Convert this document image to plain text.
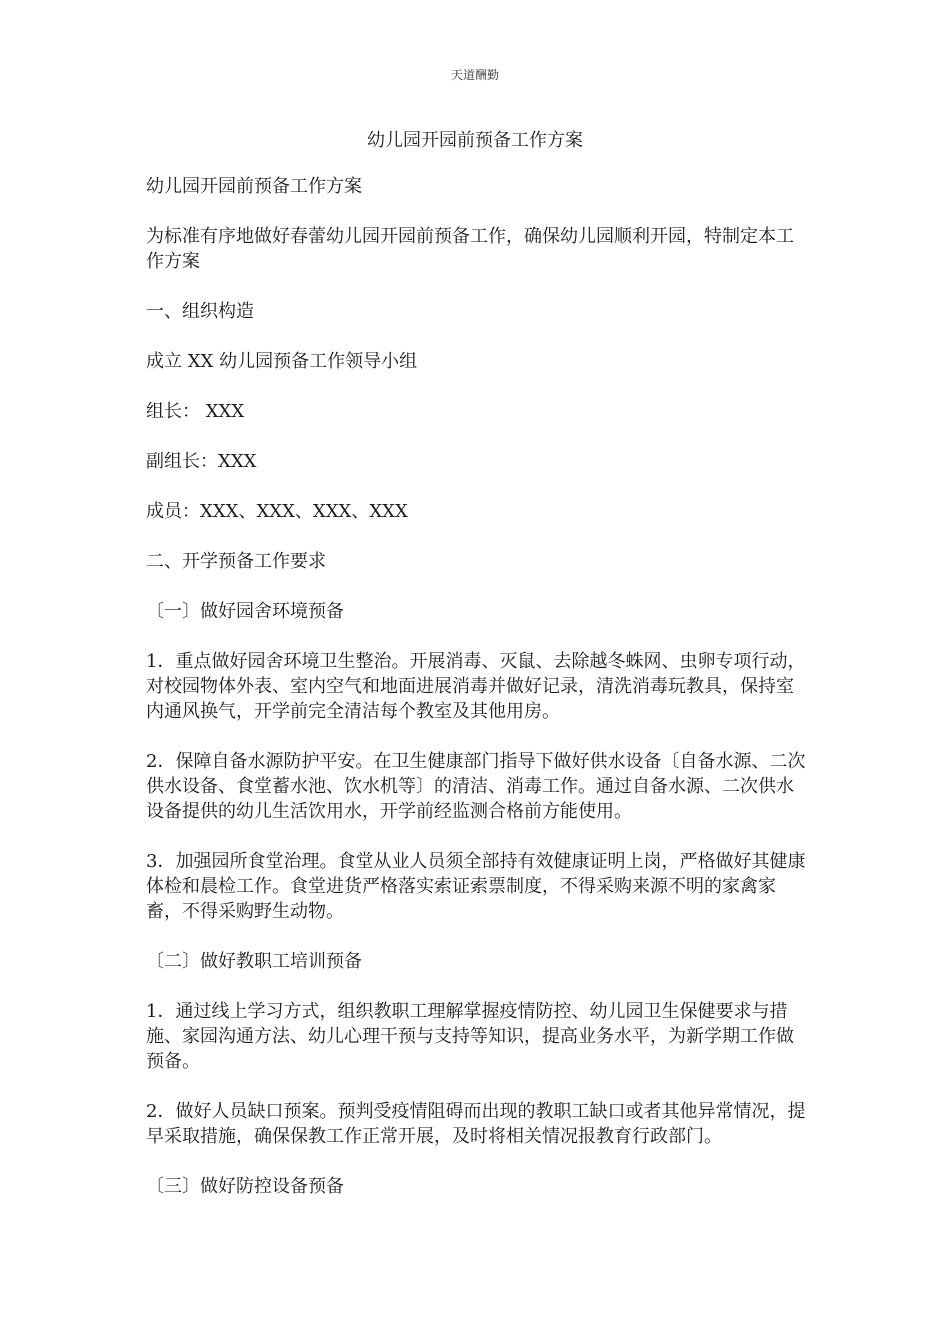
天道酬勤
幼儿园开园前预备工作方案

幼儿园开园前预备工作方案

为标准有序地做好春蕾幼儿园开园前预备工作，确保幼儿园顺利开园，特制定本工作方案

一、组织构造

成立 XX 幼儿园预备工作领导小组

组长： XXX

副组长：XXX

成员：XXX、XXX、XXX、XXX

二、开学预备工作要求

〔一〕做好园舍环境预备

1．重点做好园舍环境卫生整治。开展消毒、灭鼠、去除越冬蛛网、虫卵专项行动，对校园物体外表、室内空气和地面进展消毒并做好记录，清洗消毒玩教具，保持室内通风换气，开学前完全清洁每个教室及其他用房。

2．保障自备水源防护平安。在卫生健康部门指导下做好供水设备〔自备水源、二次供水设备、食堂蓄水池、饮水机等〕的清洁、消毒工作。通过自备水源、二次供水设备提供的幼儿生活饮用水，开学前经监测合格前方能使用。

3．加强园所食堂治理。食堂从业人员须全部持有效健康证明上岗，严格做好其健康体检和晨检工作。食堂进货严格落实索证索票制度，不得采购来源不明的家禽家畜，不得采购野生动物。

〔二〕做好教职工培训预备

1．通过线上学习方式，组织教职工理解掌握疫情防控、幼儿园卫生保健要求与措施、家园沟通方法、幼儿心理干预与支持等知识，提高业务水平，为新学期工作做预备。

2．做好人员缺口预案。预判受疫情阻碍而出现的教职工缺口或者其他异常情况，提早采取措施，确保保教工作正常开展，及时将相关情况报教育行政部门。

〔三〕做好防控设备预备
